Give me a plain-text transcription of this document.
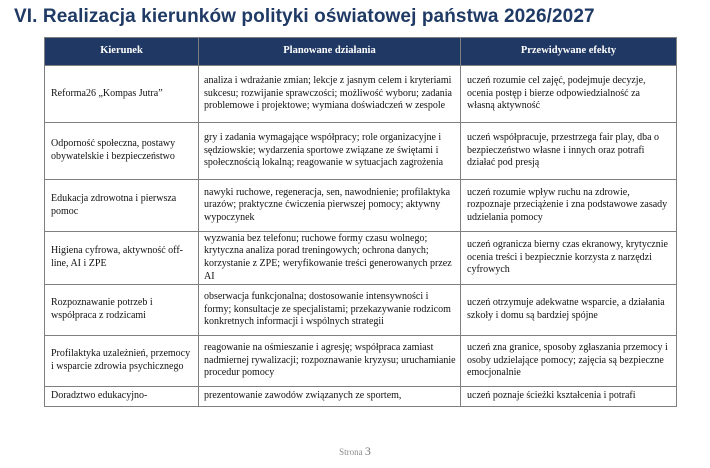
VI. Realizacja kierunków polityki oświatowej państwa 2026/2027
Kierunek	Planowane działania	Przewidywane efekty
Reforma26 „Kompas Jutra”	analiza i wdrażanie zmian; lekcje z jasnym celem i kryteriami sukcesu; rozwijanie sprawczości; możliwość wyboru; zadania problemowe i projektowe; wymiana doświadczeń w zespole	uczeń rozumie cel zajęć, podejmuje decyzje, ocenia postęp i bierze odpowiedzialność za własną aktywność
Odporność społeczna, postawy obywatelskie i bezpieczeństwo	gry i zadania wymagające współpracy; role organizacyjne i sędziowskie; wydarzenia sportowe związane ze świętami i społecznością lokalną; reagowanie w sytuacjach zagrożenia	uczeń współpracuje, przestrzega fair play, dba o bezpieczeństwo własne i innych oraz potrafi działać pod presją
Edukacja zdrowotna i pierwsza pomoc	nawyki ruchowe, regeneracja, sen, nawodnienie; profilaktyka urazów; praktyczne ćwiczenia pierwszej pomocy; aktywny wypoczynek	uczeń rozumie wpływ ruchu na zdrowie, rozpoznaje przeciążenie i zna podstawowe zasady udzielania pomocy
Higiena cyfrowa, aktywność off-line, AI i ZPE	wyzwania bez telefonu; ruchowe formy czasu wolnego; krytyczna analiza porad treningowych; ochrona danych; korzystanie z ZPE; weryfikowanie treści generowanych przez AI	uczeń ogranicza bierny czas ekranowy, krytycznie ocenia treści i bezpiecznie korzysta z narzędzi cyfrowych
Rozpoznawanie potrzeb i współpraca z rodzicami	obserwacja funkcjonalna; dostosowanie intensywności i formy; konsultacje ze specjalistami; przekazywanie rodzicom konkretnych informacji i wspólnych strategii	uczeń otrzymuje adekwatne wsparcie, a działania szkoły i domu są bardziej spójne
Profilaktyka uzależnień, przemocy i wsparcie zdrowia psychicznego	reagowanie na ośmieszanie i agresję; współpraca zamiast nadmiernej rywalizacji; rozpoznawanie kryzysu; uruchamianie procedur pomocy	uczeń zna granice, sposoby zgłaszania przemocy i osoby udzielające pomocy; zajęcia są bezpieczne emocjonalnie
Doradztwo edukacyjno-	prezentowanie zawodów związanych ze sportem,	uczeń poznaje ścieżki kształcenia i potrafi
Strona 3
